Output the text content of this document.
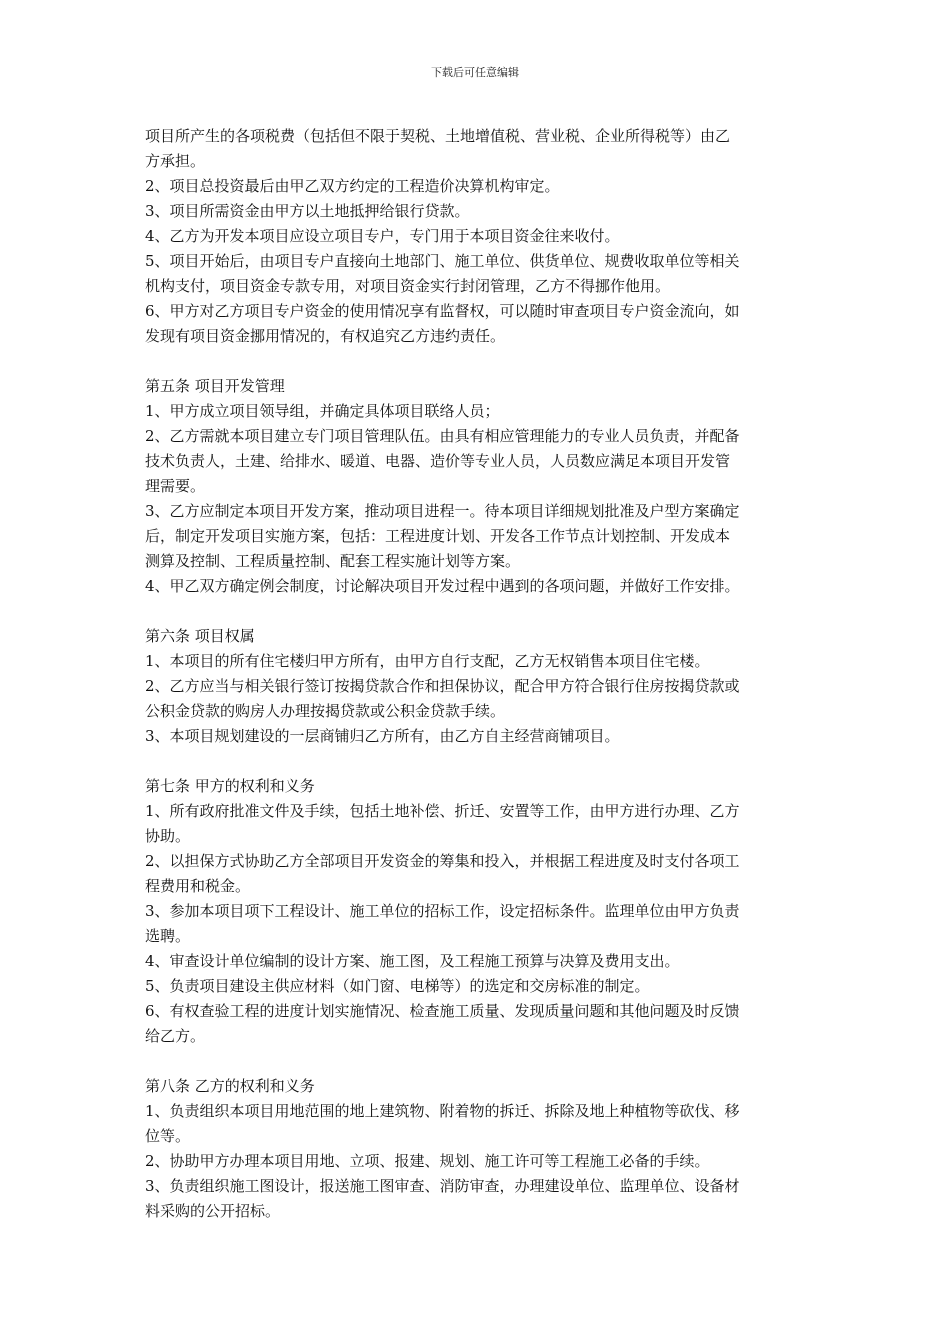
下载后可任意编辑
项目所产生的各项税费（包括但不限于契税、土地增值税、营业税、企业所得税等）由乙
方承担。
2、项目总投资最后由甲乙双方约定的工程造价决算机构审定。
3、项目所需资金由甲方以土地抵押给银行贷款。
4、乙方为开发本项目应设立项目专户，专门用于本项目资金往来收付。
5、项目开始后，由项目专户直接向土地部门、施工单位、供货单位、规费收取单位等相关
机构支付，项目资金专款专用，对项目资金实行封闭管理，乙方不得挪作他用。
6、甲方对乙方项目专户资金的使用情况享有监督权，可以随时审查项目专户资金流向，如
发现有项目资金挪用情况的，有权追究乙方违约责任。
第五条 项目开发管理
1、甲方成立项目领导组，并确定具体项目联络人员；
2、乙方需就本项目建立专门项目管理队伍。由具有相应管理能力的专业人员负责，并配备
技术负责人，土建、给排水、暖道、电器、造价等专业人员，人员数应满足本项目开发管
理需要。
3、乙方应制定本项目开发方案，推动项目进程一。待本项目详细规划批准及户型方案确定
后，制定开发项目实施方案，包括：工程进度计划、开发各工作节点计划控制、开发成本
测算及控制、工程质量控制、配套工程实施计划等方案。
4、甲乙双方确定例会制度，讨论解决项目开发过程中遇到的各项问题，并做好工作安排。
第六条 项目权属
1、本项目的所有住宅楼归甲方所有，由甲方自行支配，乙方无权销售本项目住宅楼。
2、乙方应当与相关银行签订按揭贷款合作和担保协议，配合甲方符合银行住房按揭贷款或
公积金贷款的购房人办理按揭贷款或公积金贷款手续。
3、本项目规划建设的一层商铺归乙方所有，由乙方自主经营商铺项目。
第七条 甲方的权利和义务
1、所有政府批准文件及手续，包括土地补偿、折迁、安置等工作，由甲方进行办理、乙方
协助。
2、以担保方式协助乙方全部项目开发资金的筹集和投入，并根据工程进度及时支付各项工
程费用和税金。
3、参加本项目项下工程设计、施工单位的招标工作，设定招标条件。监理单位由甲方负责
选聘。
4、审查设计单位编制的设计方案、施工图，及工程施工预算与决算及费用支出。
5、负责项目建设主供应材料（如门窗、电梯等）的选定和交房标准的制定。
6、有权查验工程的进度计划实施情况、检查施工质量、发现质量问题和其他问题及时反馈
给乙方。
第八条 乙方的权利和义务
1、负责组织本项目用地范围的地上建筑物、附着物的拆迁、拆除及地上种植物等砍伐、移
位等。
2、协助甲方办理本项目用地、立项、报建、规划、施工许可等工程施工必备的手续。
3、负责组织施工图设计，报送施工图审查、消防审查，办理建设单位、监理单位、设备材
料采购的公开招标。
